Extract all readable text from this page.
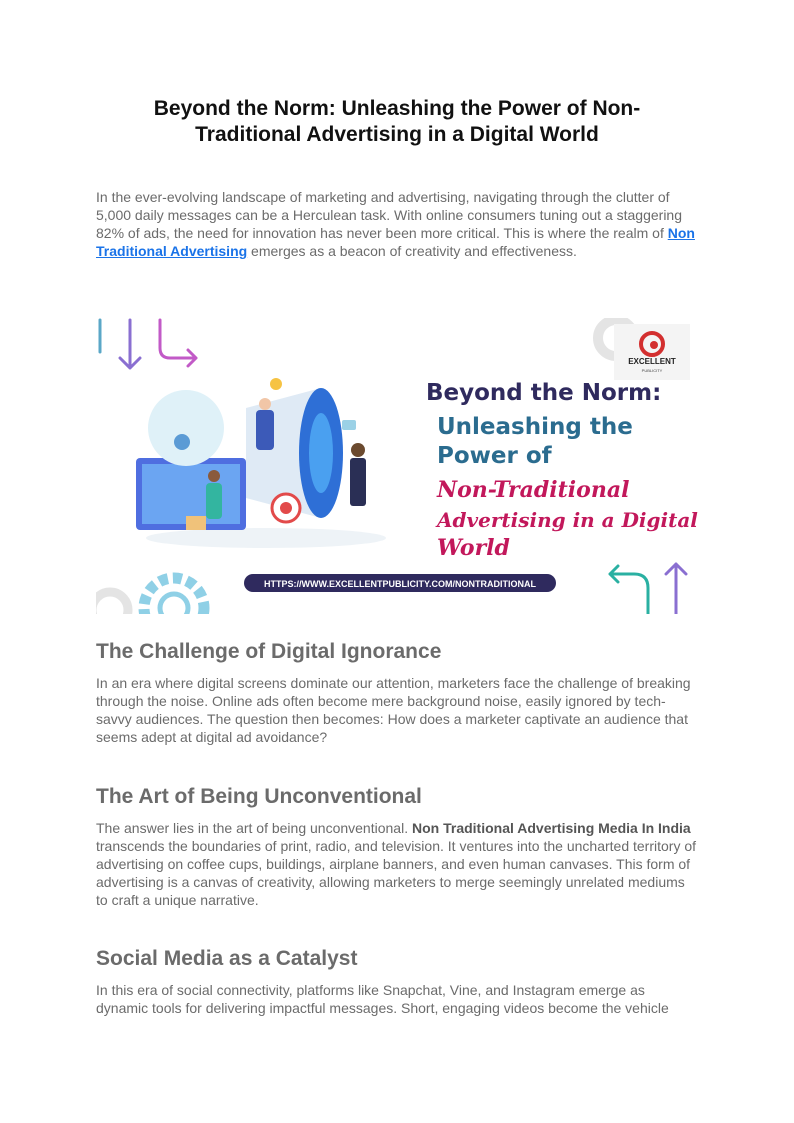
Beyond the Norm: Unleashing the Power of Non-
Traditional Advertising in a Digital World

In the ever-evolving landscape of marketing and advertising, navigating through the clutter of 5,000 daily messages can be a Herculean task. With online consumers tuning out a staggering 82% of ads, the need for innovation has never been more critical. This is where the realm of Non Traditional Advertising emerges as a beacon of creativity and effectiveness.

EXCELLENT
PUBLICITY
Beyond the Norm:
Unleashing the
Power of
Non-Traditional
Advertising in a Digital
World
HTTPS://WWW.EXCELLENTPUBLICITY.COM/NONTRADITIONAL
The Challenge of Digital Ignorance

In an era where digital screens dominate our attention, marketers face the challenge of breaking through the noise. Online ads often become mere background noise, easily ignored by tech-savvy audiences. The question then becomes: How does a marketer captivate an audience that seems adept at digital ad avoidance?

The Art of Being Unconventional

The answer lies in the art of being unconventional. Non Traditional Advertising Media In India transcends the boundaries of print, radio, and television. It ventures into the uncharted territory of advertising on coffee cups, buildings, airplane banners, and even human canvases. This form of advertising is a canvas of creativity, allowing marketers to merge seemingly unrelated mediums to craft a unique narrative.

Social Media as a Catalyst

In this era of social connectivity, platforms like Snapchat, Vine, and Instagram emerge as dynamic tools for delivering impactful messages. Short, engaging videos become the vehicle
